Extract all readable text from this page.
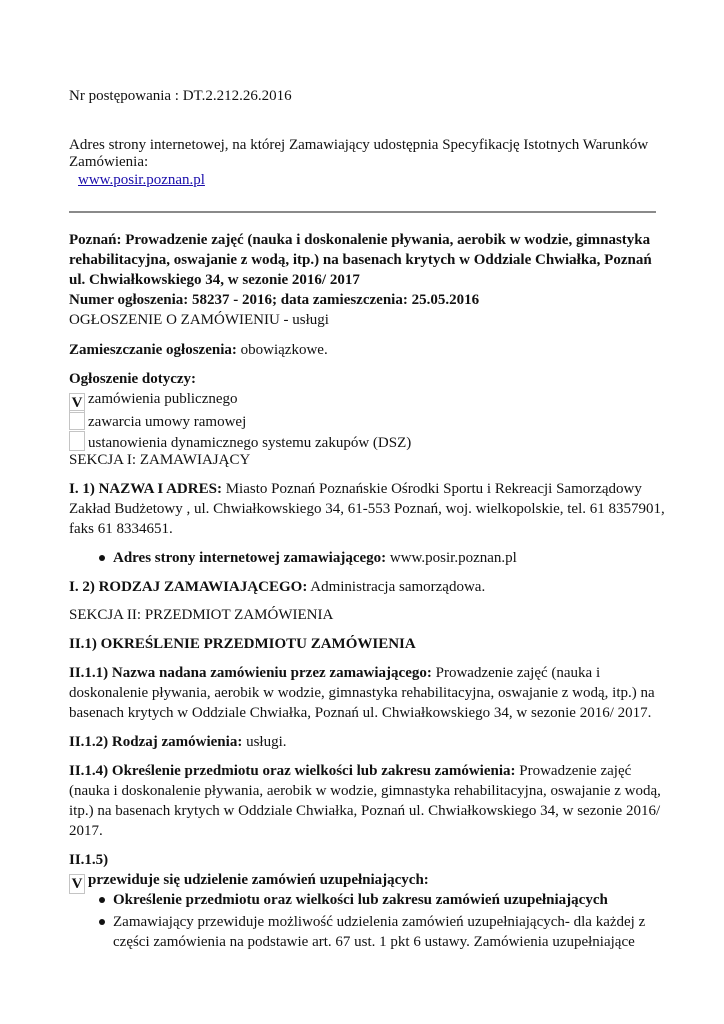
Nr postępowania : DT.2.212.26.2016
Adres strony internetowej, na której Zamawiający udostępnia Specyfikację Istotnych Warunków
Zamówienia:
www.posir.poznan.pl
Poznań: Prowadzenie zajęć (nauka i doskonalenie pływania, aerobik w wodzie, gimnastyka
rehabilitacyjna, oswajanie z wodą, itp.) na basenach krytych w Oddziale Chwiałka, Poznań
ul. Chwiałkowskiego 34, w sezonie 2016/ 2017
Numer ogłoszenia: 58237 - 2016; data zamieszczenia: 25.05.2016
OGŁOSZENIE O ZAMÓWIENIU - usługi
Zamieszczanie ogłoszenia: obowiązkowe.
Ogłoszenie dotyczy:
V zamówienia publicznego
zawarcia umowy ramowej
ustanowienia dynamicznego systemu zakupów (DSZ)
SEKCJA I: ZAMAWIAJĄCY
I. 1) NAZWA I ADRES: Miasto Poznań Poznańskie Ośrodki Sportu i Rekreacji Samorządowy
Zakład Budżetowy , ul. Chwiałkowskiego 34, 61-553 Poznań, woj. wielkopolskie, tel. 61 8357901,
faks 61 8334651.
Adres strony internetowej zamawiającego: www.posir.poznan.pl
I. 2) RODZAJ ZAMAWIAJĄCEGO: Administracja samorządowa.
SEKCJA II: PRZEDMIOT ZAMÓWIENIA
II.1) OKREŚLENIE PRZEDMIOTU ZAMÓWIENIA
II.1.1) Nazwa nadana zamówieniu przez zamawiającego: Prowadzenie zajęć (nauka i
doskonalenie pływania, aerobik w wodzie, gimnastyka rehabilitacyjna, oswajanie z wodą, itp.) na
basenach krytych w Oddziale Chwiałka, Poznań ul. Chwiałkowskiego 34, w sezonie 2016/ 2017.
II.1.2) Rodzaj zamówienia: usługi.
II.1.4) Określenie przedmiotu oraz wielkości lub zakresu zamówienia: Prowadzenie zajęć
(nauka i doskonalenie pływania, aerobik w wodzie, gimnastyka rehabilitacyjna, oswajanie z wodą,
itp.) na basenach krytych w Oddziale Chwiałka, Poznań ul. Chwiałkowskiego 34, w sezonie 2016/
2017.
II.1.5)
V przewiduje się udzielenie zamówień uzupełniających:
Określenie przedmiotu oraz wielkości lub zakresu zamówień uzupełniających
Zamawiający przewiduje możliwość udzielenia zamówień uzupełniających- dla każdej z
części zamówienia na podstawie art. 67 ust. 1 pkt 6 ustawy. Zamówienia uzupełniające
